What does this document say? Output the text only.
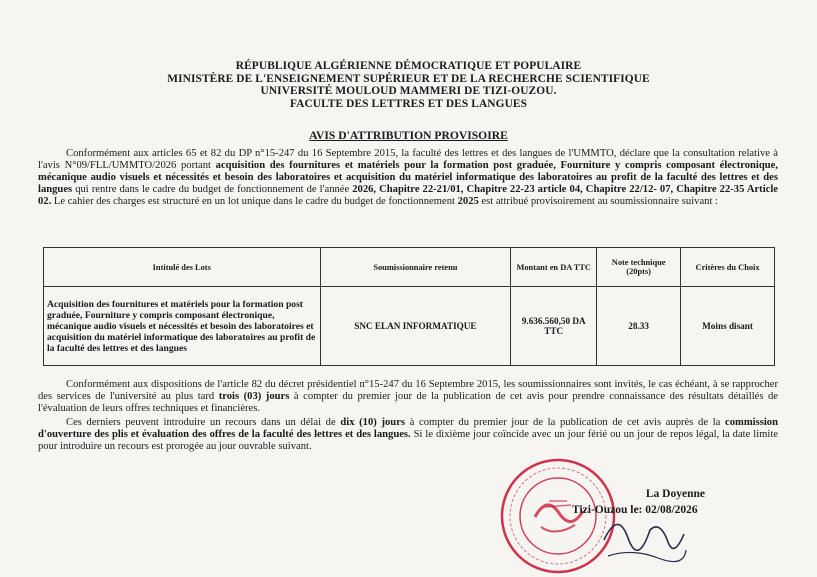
RÉPUBLIQUE ALGÉRIENNE DÉMOCRATIQUE ET POPULAIRE
MINISTÈRE DE L'ENSEIGNEMENT SUPÉRIEUR ET DE LA RECHERCHE SCIENTIFIQUE
UNIVERSITÉ MOULOUD MAMMERI DE TIZI-OUZOU.
FACULTE DES LETTRES ET DES LANGUES
AVIS D'ATTRIBUTION PROVISOIRE
Conformément aux articles 65 et 82 du DP n°15-247 du 16 Septembre 2015, la faculté des lettres et des langues de l'UMMTO, déclare que la consultation relative à l'avis N°09/FLL/UMMTO/2026 portant acquisition des fournitures et matériels pour la formation post graduée, Fourniture y compris composant électronique, mécanique audio visuels et nécessités et besoin des laboratoires et acquisition du matériel informatique des laboratoires au profit de la faculté des lettres et des langues qui rentre dans le cadre du budget de fonctionnement de l'année 2026, Chapitre 22-21/01, Chapitre 22-23 article 04, Chapitre 22/12- 07, Chapitre 22-35 Article 02. Le cahier des charges est structuré en un lot unique dans le cadre du budget de fonctionnement 2025 est attribué provisoirement au soumissionnaire suivant :
Intitulé des Lots	Soumissionnaire retenu	Montant en DA TTC	Note technique (20pts)	Critères du Choix
Acquisition des fournitures et matériels pour la formation post graduée, Fourniture y compris composant électronique, mécanique audio visuels et nécessités et besoin des laboratoires et acquisition du matériel informatique des laboratoires au profit de la faculté des lettres et des langues	SNC ELAN INFORMATIQUE	9.636.560,50 DA TTC	28.33	Moins disant
Conformément aux dispositions de l'article 82 du décret présidentiel n°15-247 du 16 Septembre 2015, les soumissionnaires sont invités, le cas échéant, à se rapprocher des services de l'université au plus tard trois (03) jours à compter du premier jour de la publication de cet avis pour prendre connaissance des résultats détaillés de l'évaluation de leurs offres techniques et financières.
Ces derniers peuvent introduire un recours dans un délai de dix (10) jours à compter du premier jour de la publication de cet avis auprès de la commission d'ouverture des plis et évaluation des offres de la faculté des lettres et des langues. Si le dixième jour coïncide avec un jour férié ou un jour de repos légal, la date limite pour introduire un recours est prorogée au jour ouvrable suivant.
La Doyenne
Tizi-Ouzou le: 02/08/2026
